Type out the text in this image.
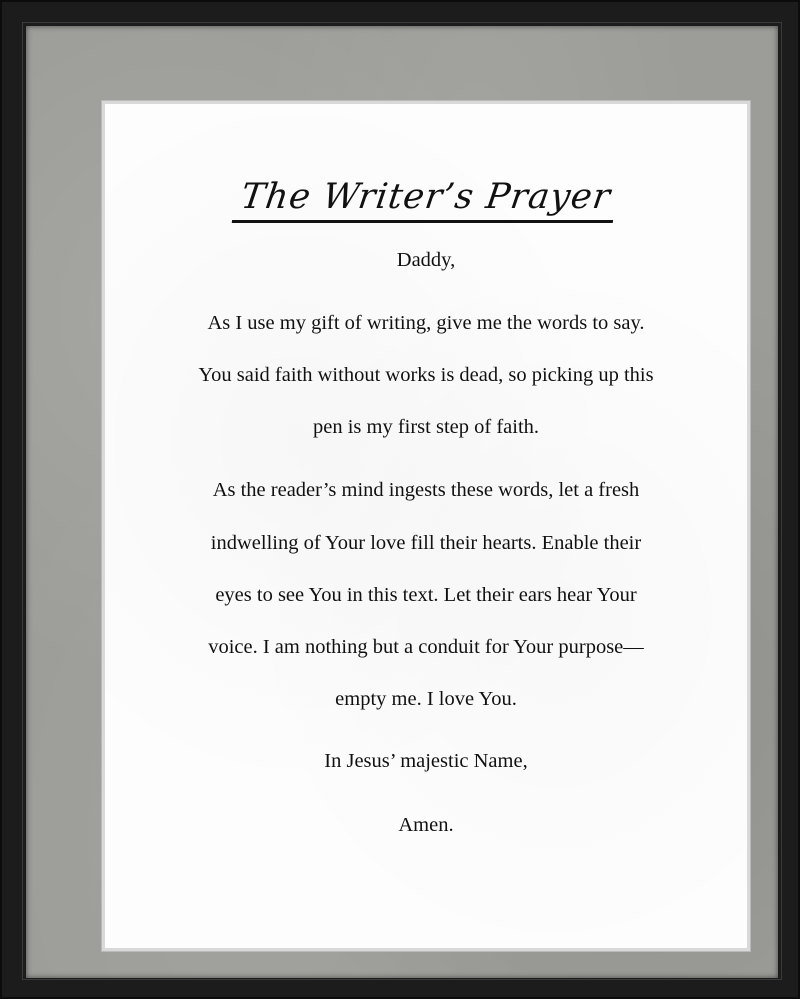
The Writer’s Prayer
Daddy,
As I use my gift of writing, give me the words to say.
You said faith without works is dead, so picking up this
pen is my first step of faith.
As the reader’s mind ingests these words, let a fresh
indwelling of Your love fill their hearts. Enable their
eyes to see You in this text. Let their ears hear Your
voice. I am nothing but a conduit for Your purpose—
empty me. I love You.
In Jesus’ majestic Name,
Amen.
